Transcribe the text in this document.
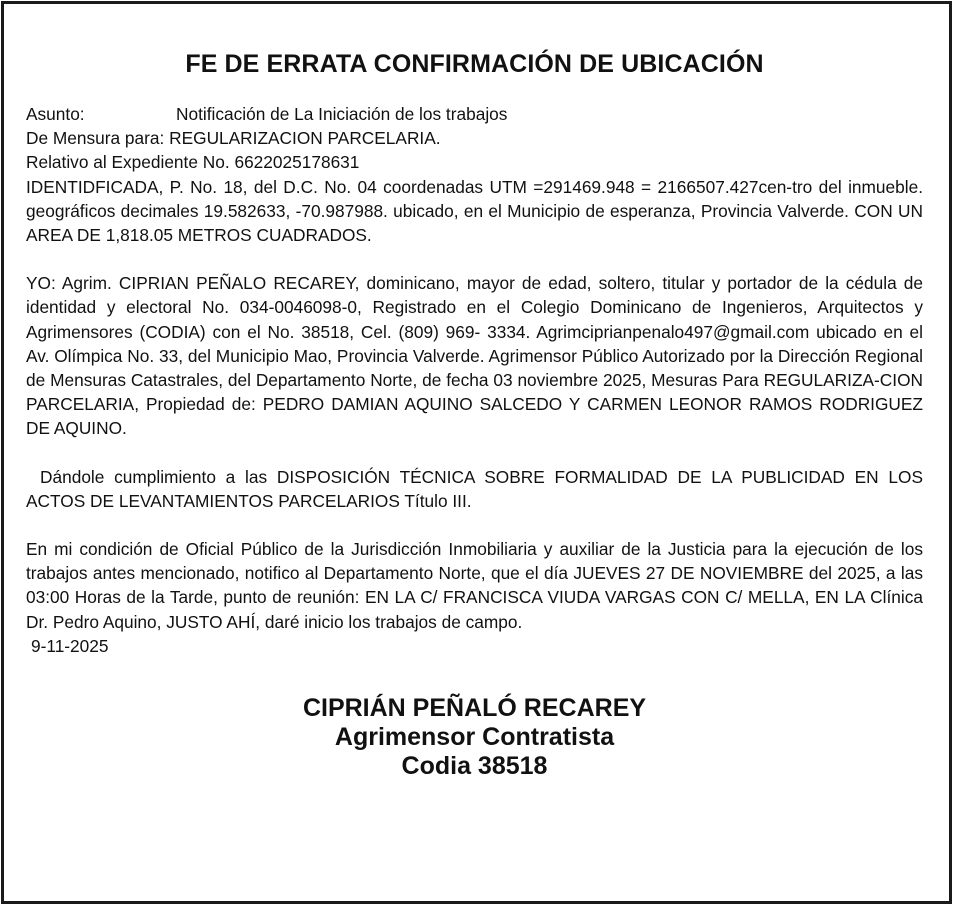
FE DE ERRATA CONFIRMACIÓN DE UBICACIÓN
Asunto:	Notificación de La Iniciación de los trabajos
De Mensura para: REGULARIZACION PARCELARIA.
Relativo al Expediente No. 6622025178631
IDENTIDFICADA, P. No. 18, del D.C. No. 04 coordenadas UTM =291469.948 = 2166507.427cen-tro del inmueble. geográficos decimales 19.582633, -70.987988. ubicado, en el Municipio de esperanza, Provincia Valverde. CON UN AREA DE 1,818.05 METROS CUADRADOS.
YO: Agrim. CIPRIAN PEÑALO RECAREY, dominicano, mayor de edad, soltero, titular y portador de la cédula de identidad y electoral No. 034-0046098-0, Registrado en el Colegio Dominicano de Ingenieros, Arquitectos y Agrimensores (CODIA) con el No. 38518, Cel. (809) 969- 3334. Agrimciprianpenalo497@gmail.com ubicado en el Av. Olímpica No. 33, del Municipio Mao, Provincia Valverde. Agrimensor Público Autorizado por la Dirección Regional de Mensuras Catastrales, del Departamento Norte, de fecha 03 noviembre 2025, Mesuras Para REGULARIZA-CION PARCELARIA, Propiedad de: PEDRO DAMIAN AQUINO SALCEDO Y CARMEN LEONOR RAMOS RODRIGUEZ DE AQUINO.
Dándole cumplimiento a las DISPOSICIÓN TÉCNICA SOBRE FORMALIDAD DE LA PUBLICIDAD EN LOS ACTOS DE LEVANTAMIENTOS PARCELARIOS Título III.
En mi condición de Oficial Público de la Jurisdicción Inmobiliaria y auxiliar de la Justicia para la ejecución de los trabajos antes mencionado, notifico al Departamento Norte, que el día JUEVES 27 DE NOVIEMBRE del 2025, a las 03:00 Horas de la Tarde, punto de reunión: EN LA C/ FRANCISCA VIUDA VARGAS CON C/ MELLA, EN LA Clínica Dr. Pedro Aquino, JUSTO AHÍ, daré inicio los trabajos de campo.
9-11-2025
CIPRIÁN PEÑALÓ RECAREY
Agrimensor Contratista
Codia 38518
